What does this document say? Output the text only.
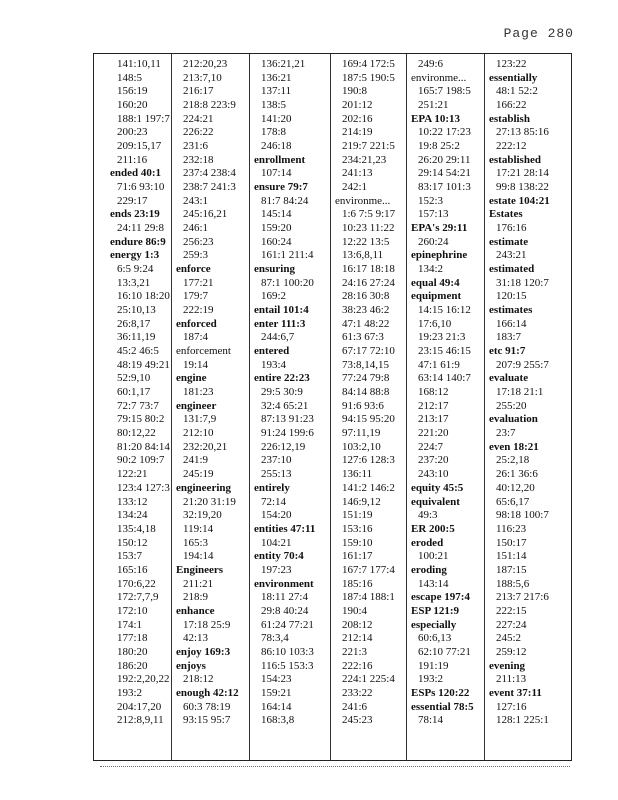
Page 280
141:10,11
148:5
156:19
160:20
188:1 197:7
200:23
209:15,17
211:16
ended 40:1
71:6 93:10
229:17
ends 23:19
24:11 29:8
endure 86:9
energy 1:3
6:5 9:24
13:3,21
16:10 18:20
25:10,13
26:8,17
36:11,19
45:2 46:5
48:19 49:21
52:9,10
60:1,17
72:7 73:7
79:15 80:2
80:12,22
81:20 84:14
90:2 109:7
122:21
123:4 127:3
133:12
134:24
135:4,18
150:12
153:7
165:16
170:6,22
172:7,7,9
172:10
174:1
177:18
180:20
186:20
192:2,20,22
193:2
204:17,20
212:8,9,11
212:20,23
213:7,10
216:17
218:8 223:9
224:21
226:22
231:6
232:18
237:4 238:4
238:7 241:3
243:1
245:16,21
246:1
256:23
259:3
enforce
177:21
179:7
222:19
enforced
187:4
enforcement
19:14
engine
181:23
engineer
131:7,9
212:10
232:20,21
241:9
245:19
engineering
21:20 31:19
32:19,20
119:14
165:3
194:14
Engineers
211:21
218:9
enhance
17:18 25:9
42:13
enjoy 169:3
enjoys
218:12
enough 42:12
60:3 78:19
93:15 95:7
136:21,21
136:21
137:11
138:5
141:20
178:8
246:18
enrollment
107:14
ensure 79:7
81:7 84:24
145:14
159:20
160:24
161:1 211:4
ensuring
87:1 100:20
169:2
entail 101:4
enter 111:3
244:6,7
entered
193:4
entire 22:23
29:5 30:9
32:4 65:21
87:13 91:23
91:24 199:6
226:12,19
237:10
255:13
entirely
72:14
154:20
entities 47:11
104:21
entity 70:4
197:23
environment
18:11 27:4
29:8 40:24
61:24 77:21
78:3,4
86:10 103:3
116:5 153:3
154:23
159:21
164:14
168:3,8
169:4 172:5
187:5 190:5
190:8
201:12
202:16
214:19
219:7 221:5
234:21,23
241:13
242:1
environme...
1:6 7:5 9:17
10:23 11:22
12:22 13:5
13:6,8,11
16:17 18:18
24:16 27:24
28:16 30:8
38:23 46:2
47:1 48:22
61:3 67:3
67:17 72:10
73:8,14,15
77:24 79:8
84:14 88:8
91:6 93:6
94:15 95:20
97:11,19
103:2,10
127:6 128:3
136:11
141:2 146:2
146:9,12
151:19
153:16
159:10
161:17
167:7 177:4
185:16
187:4 188:1
190:4
208:12
212:14
221:3
222:16
224:1 225:4
233:22
241:6
245:23
249:6
environme...
165:7 198:5
251:21
EPA 10:13
10:22 17:23
19:8 25:2
26:20 29:11
29:14 54:21
83:17 101:3
152:3
157:13
EPA's 29:11
260:24
epinephrine
134:2
equal 49:4
equipment
14:15 16:12
17:6,10
19:23 21:3
23:15 46:15
47:1 61:9
63:14 140:7
168:12
212:17
213:17
221:20
224:7
237:20
243:10
equity 45:5
equivalent
49:3
ER 200:5
eroded
100:21
eroding
143:14
escape 197:4
ESP 121:9
especially
60:6,13
62:10 77:21
191:19
193:2
ESPs 120:22
essential 78:5
78:14
123:22
essentially
48:1 52:2
166:22
establish
27:13 85:16
222:12
established
17:21 28:14
99:8 138:22
estate 104:21
Estates
176:16
estimate
243:21
estimated
31:18 120:7
120:15
estimates
166:14
183:7
etc 91:7
207:9 255:7
evaluate
17:18 21:1
255:20
evaluation
23:7
even 18:21
25:2,18
26:1 36:6
40:12,20
65:6,17
98:18 100:7
116:23
150:17
151:14
187:15
188:5,6
213:7 217:6
222:15
227:24
245:2
259:12
evening
211:13
event 37:11
127:16
128:1 225:1
